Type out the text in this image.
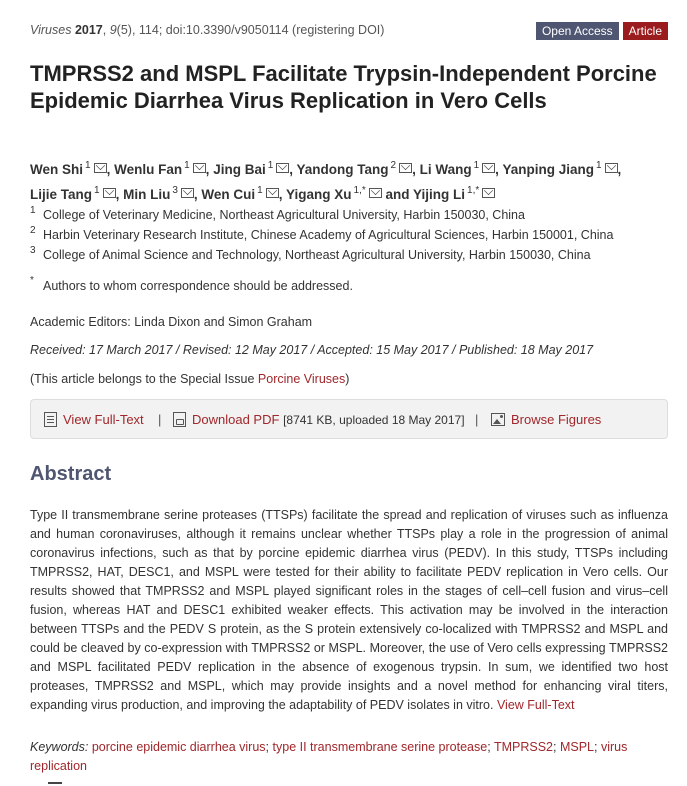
Viruses 2017, 9(5), 114; doi:10.3390/v9050114 (registering DOI)	Open Access	Article
TMPRSS2 and MSPL Facilitate Trypsin-Independent Porcine Epidemic Diarrhea Virus Replication in Vero Cells
Wen Shi $^1$ , Wenlu Fan $^1$ , Jing Bai $^1$ , Yandong Tang $^2$ , Li Wang $^1$ , Yanping Jiang $^1$ ,
Lijie Tang $^1$ , Min Liu $^3$ , Wen Cui $^1$ , Yigang Xu $^{1,*}$ and Yijing Li $^{1,*}$
1 College of Veterinary Medicine, Northeast Agricultural University, Harbin 150030, China
2 Harbin Veterinary Research Institute, Chinese Academy of Agricultural Sciences, Harbin 150001, China
3 College of Animal Science and Technology, Northeast Agricultural University, Harbin 150030, China
* Authors to whom correspondence should be addressed.
Academic Editors: Linda Dixon and Simon Graham
Received: 17 March 2017 / Revised: 12 May 2017 / Accepted: 15 May 2017 / Published: 18 May 2017
(This article belongs to the Special Issue Porcine Viruses)
View Full-Text | Download PDF
[8741 KB, uploaded 18 May 2017] |	Browse Figures
Abstract

Type II transmembrane serine proteases (TTSPs) facilitate the spread and replication of viruses such as influenza and human coronaviruses, although it remains unclear whether TTSPs play a role in the progression of animal coronavirus infections, such as that by porcine epidemic diarrhea virus (PEDV). In this study, TTSPs including TMPRSS2, HAT, DESC1, and MSPL were tested for their ability to facilitate PEDV replication in Vero cells. Our results showed that TMPRSS2 and MSPL played significant roles in the stages of cell–cell fusion and virus–cell fusion, whereas HAT and DESC1 exhibited weaker effects. This activation may be involved in the interaction between TTSPs and the PEDV S protein, as the S protein extensively co-localized with TMPRSS2 and MSPL and could be cleaved by co-expression with TMPRSS2 or MSPL. Moreover, the use of Vero cells expressing TMPRSS2 and MSPL facilitated PEDV replication in the absence of exogenous trypsin. In sum, we identified two host proteases, TMPRSS2 and MSPL, which may provide insights and a novel method for enhancing viral titers, expanding virus production, and improving the adaptability of PEDV isolates in vitro. View Full-Text

Keywords: porcine epidemic diarrhea virus; type II transmembrane serine protease; TMPRSS2; MSPL; virus replication
